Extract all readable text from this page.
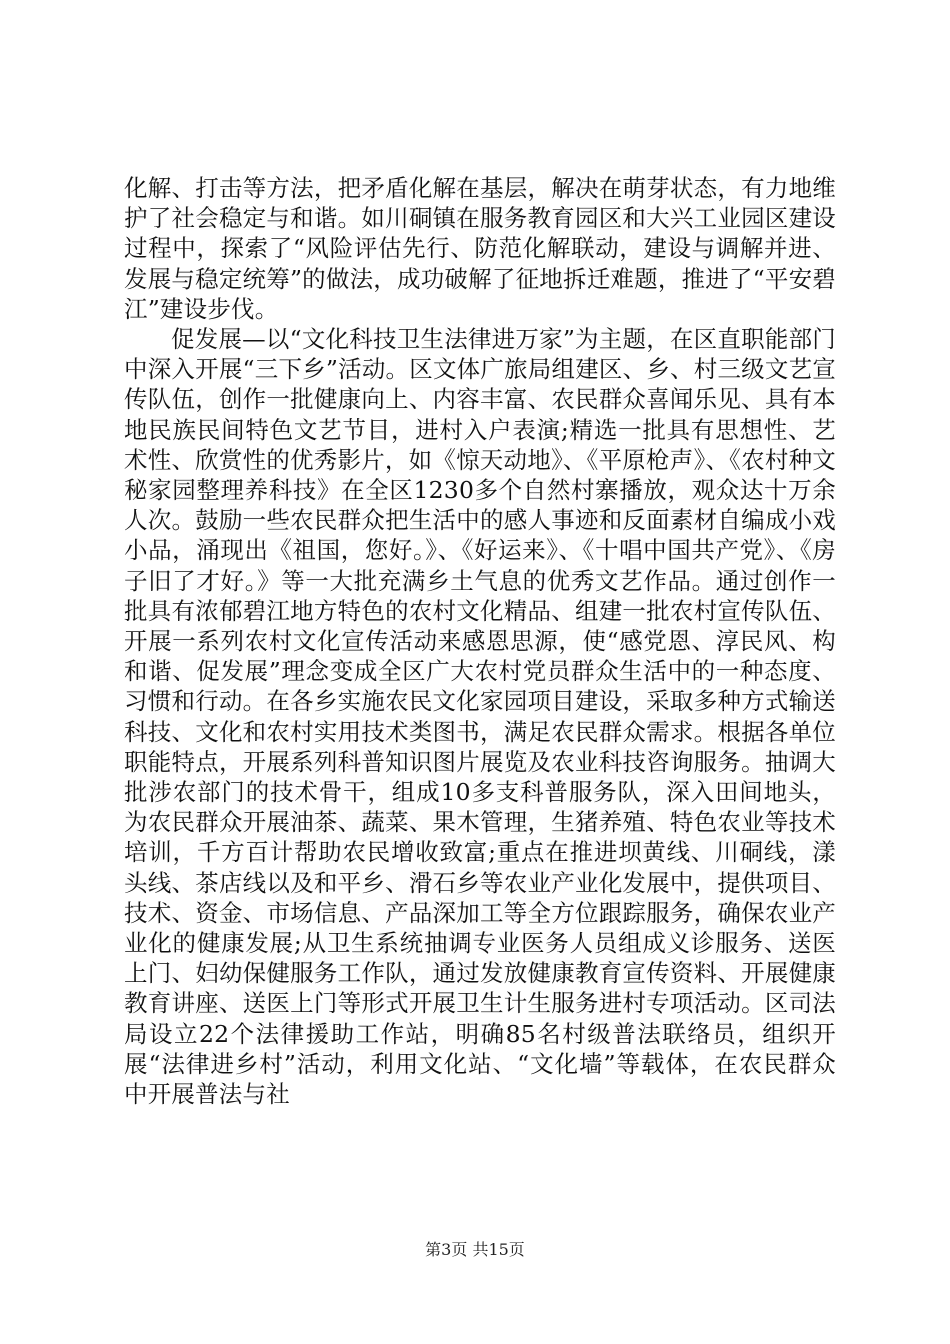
化解、打击等方法，把矛盾化解在基层，解决在萌芽状态，有力地维护了社会稳定与和谐。如川硐镇在服务教育园区和大兴工业园区建设过程中，探索了“风险评估先行、防范化解联动，建设与调解并进、发展与稳定统筹”的做法，成功破解了征地拆迁难题，推进了“平安碧江”建设步伐。

促发展—以“文化科技卫生法律进万家”为主题，在区直职能部门中深入开展“三下乡”活动。区文体广旅局组建区、乡、村三级文艺宣传队伍，创作一批健康向上、内容丰富、农民群众喜闻乐见、具有本地民族民间特色文艺节目，进村入户表演;精选一批具有思想性、艺术性、欣赏性的优秀影片，如《惊天动地》、《平原枪声》、《农村种文秘家园整理养科技》在全区1230多个自然村寨播放，观众达十万余人次。鼓励一些农民群众把生活中的感人事迹和反面素材自编成小戏小品，涌现出《祖国，您好。》、《好运来》、《十唱中国共产党》、《房子旧了才好。》等一大批充满乡土气息的优秀文艺作品。通过创作一批具有浓郁碧江地方特色的农村文化精品、组建一批农村宣传队伍、开展一系列农村文化宣传活动来感恩思源，使“感党恩、淳民风、构和谐、促发展”理念变成全区广大农村党员群众生活中的一种态度、习惯和行动。在各乡实施农民文化家园项目建设，采取多种方式输送科技、文化和农村实用技术类图书，满足农民群众需求。根据各单位职能特点，开展系列科普知识图片展览及农业科技咨询服务。抽调大批涉农部门的技术骨干，组成10多支科普服务队，深入田间地头，为农民群众开展油茶、蔬菜、果木管理，生猪养殖、特色农业等技术培训，千方百计帮助农民增收致富;重点在推进坝黄线、川硐线，漾头线、茶店线以及和平乡、滑石乡等农业产业化发展中，提供项目、技术、资金、市场信息、产品深加工等全方位跟踪服务，确保农业产业化的健康发展;从卫生系统抽调专业医务人员组成义诊服务、送医上门、妇幼保健服务工作队，通过发放健康教育宣传资料、开展健康教育讲座、送医上门等形式开展卫生计生服务进村专项活动。区司法局设立22个法律援助工作站，明确85名村级普法联络员，组织开展“法律进乡村”活动，利用文化站、“文化墙”等载体，在农民群众中开展普法与社

第3页 共15页
